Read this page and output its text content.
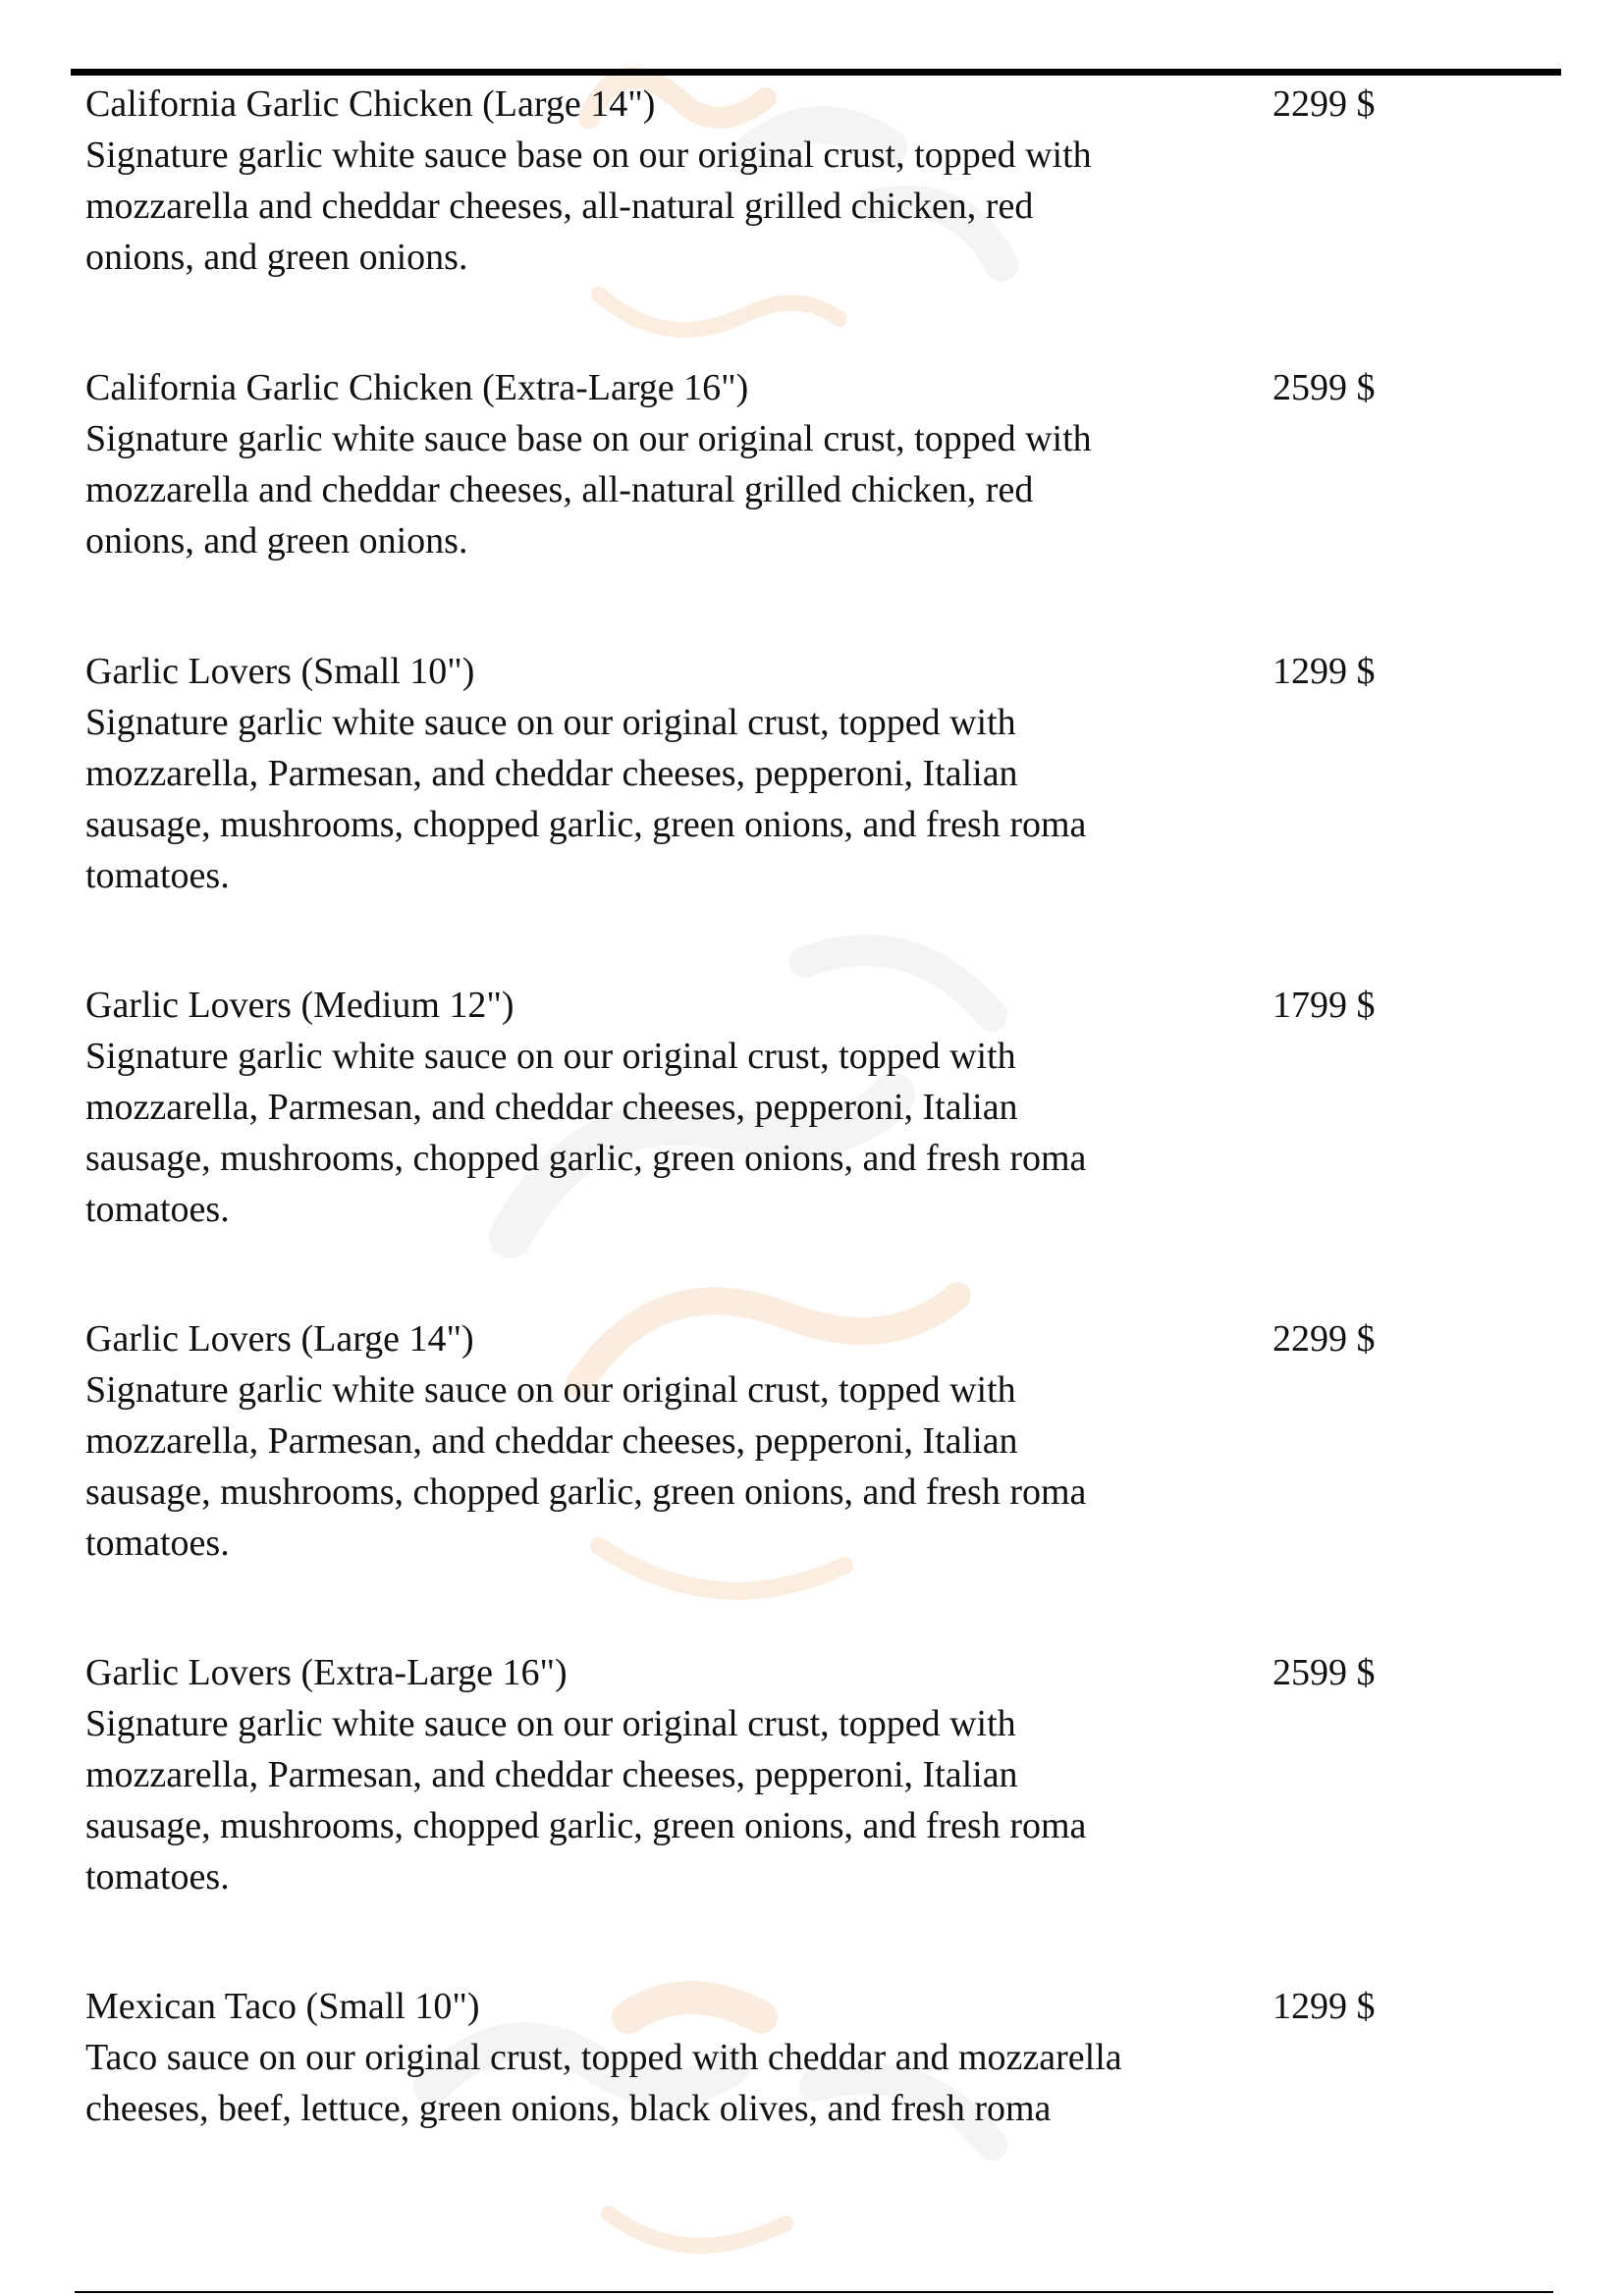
California Garlic Chicken (Large 14")
Signature garlic white sauce base on our original crust, topped with
mozzarella and cheddar cheeses, all-natural grilled chicken, red
onions, and green onions.
2299 $
California Garlic Chicken (Extra-Large 16")
Signature garlic white sauce base on our original crust, topped with
mozzarella and cheddar cheeses, all-natural grilled chicken, red
onions, and green onions.
2599 $
Garlic Lovers (Small 10")
Signature garlic white sauce on our original crust, topped with
mozzarella, Parmesan, and cheddar cheeses, pepperoni, Italian
sausage, mushrooms, chopped garlic, green onions, and fresh roma
tomatoes.
1299 $
Garlic Lovers (Medium 12")
Signature garlic white sauce on our original crust, topped with
mozzarella, Parmesan, and cheddar cheeses, pepperoni, Italian
sausage, mushrooms, chopped garlic, green onions, and fresh roma
tomatoes.
1799 $
Garlic Lovers (Large 14")
Signature garlic white sauce on our original crust, topped with
mozzarella, Parmesan, and cheddar cheeses, pepperoni, Italian
sausage, mushrooms, chopped garlic, green onions, and fresh roma
tomatoes.
2299 $
Garlic Lovers (Extra-Large 16")
Signature garlic white sauce on our original crust, topped with
mozzarella, Parmesan, and cheddar cheeses, pepperoni, Italian
sausage, mushrooms, chopped garlic, green onions, and fresh roma
tomatoes.
2599 $
Mexican Taco (Small 10")
Taco sauce on our original crust, topped with cheddar and mozzarella
cheeses, beef, lettuce, green onions, black olives, and fresh roma
1299 $
